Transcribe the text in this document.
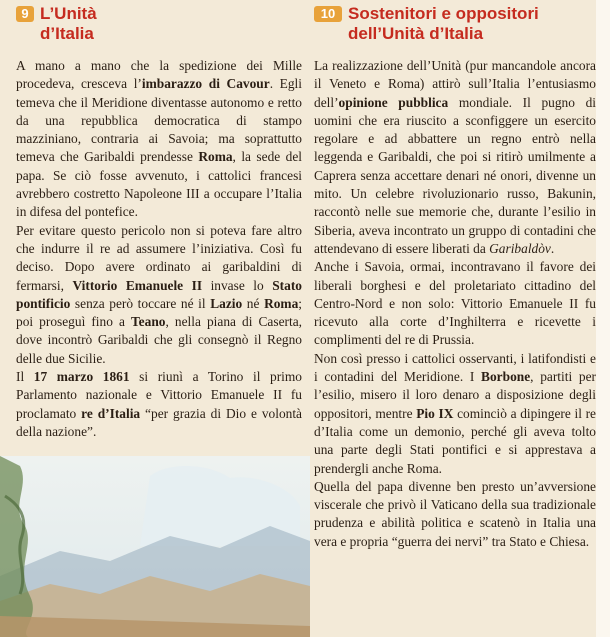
9 L’Unità
d’Italia

A mano a mano che la spedizione dei Mille procedeva, cresceva l’imbarazzo di Cavour. Egli temeva che il Meridione diventasse autonomo e retto da una repubblica democratica di stampo mazziniano, contraria ai Savoia; ma soprattutto temeva che Garibaldi prendesse Roma, la sede del papa. Se ciò fosse avvenuto, i cattolici francesi avrebbero costretto Napoleone III a occupare l’Italia in difesa del pontefice.

Per evitare questo pericolo non si poteva fare altro che indurre il re ad assumere l’iniziativa. Così fu deciso. Dopo avere ordinato ai garibaldini di fermarsi, Vittorio Emanuele II invase lo Stato pontificio senza però toccare né il Lazio né Roma; poi proseguì fino a Teano, nella piana di Caserta, dove incontrò Garibaldi che gli consegnò il Regno delle due Sicilie.

Il 17 marzo 1861 si riunì a Torino il primo Parlamento nazionale e Vittorio Emanuele II fu proclamato re d’Italia “per grazia di Dio e volontà della nazione”.

10 Sostenitori e oppositori
dell’Unità d’Italia

La realizzazione dell’Unità (pur mancandole ancora il Veneto e Roma) attirò sull’Italia l’entusiasmo dell’opinione pubblica mondiale. Il pugno di uomini che era riuscito a sconfiggere un esercito regolare e ad abbattere un regno entrò nella leggenda e Garibaldi, che poi si ritirò umilmente a Caprera senza accettare denari né onori, divenne un mito. Un celebre rivoluzionario russo, Bakunin, raccontò nelle sue memorie che, durante l’esilio in Siberia, aveva incontrato un gruppo di contadini che attendevano di essere liberati da Garibaldòv.

Anche i Savoia, ormai, incontravano il favore dei liberali borghesi e del proletariato cittadino del Centro-Nord e non solo: Vittorio Emanuele II fu ricevuto alla corte d’Inghilterra e ricevette i complimenti del re di Prussia.

Non così presso i cattolici osservanti, i latifondisti e i contadini del Meridione. I Borbone, partiti per l’esilio, misero il loro denaro a disposizione degli oppositori, mentre Pio IX cominciò a dipingere il re d’Italia come un demonio, perché gli aveva tolto una parte degli Stati pontifici e si apprestava a prendergli anche Roma.

Quella del papa divenne ben presto un’avversione viscerale che privò il Vaticano della sua tradizionale prudenza e abilità politica e scatenò in Italia una vera e propria “guerra dei nervi” tra Stato e Chiesa.
